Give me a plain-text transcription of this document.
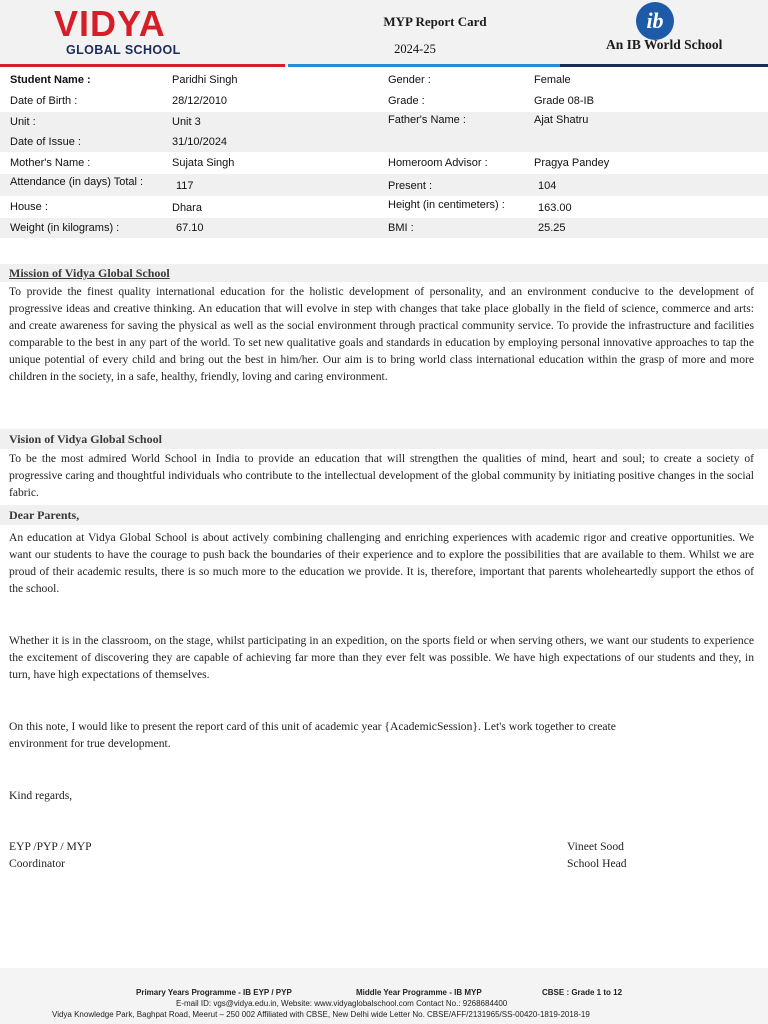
VIDYA
GLOBAL SCHOOL
MYP Report Card
2024-25
ib
An IB World School
Student Name :	Paridhi Singh	Gender :	Female
Date of Birth :	28/12/2010	Grade :	Grade 08-IB
Unit :	Unit 3	Father's Name :	Ajat Shatru
Date of Issue :	31/10/2024
Mother's Name :	Sujata Singh	Homeroom Advisor :	Pragya Pandey
Attendance (in days) Total :	117	Present :	104
House :	Dhara	Height (in centimeters) :	163.00
Weight (in kilograms) :	67.10	BMI :	25.25
Mission of Vidya Global School
To provide the finest quality international education for the holistic development of personality, and an environment conducive to the development of progressive ideas and creative thinking. An education that will evolve in step with changes that take place globally in the field of science, commerce and arts: and create awareness for saving the physical as well as the social environment through practical community service. To provide the infrastructure and facilities comparable to the best in any part of the world. To set new qualitative goals and standards in education by employing personal innovative approaches to tap the unique potential of every child and bring out the best in him/her. Our aim is to bring world class international education within the grasp of more and more children in the society, in a safe, healthy, friendly, loving and caring environment.
Vision of Vidya Global School
To be the most admired World School in India to provide an education that will strengthen the qualities of mind, heart and soul; to create a society of progressive caring and thoughtful individuals who contribute to the intellectual development of the global community by initiating positive changes in the social fabric.
Dear Parents,
An education at Vidya Global School is about actively combining challenging and enriching experiences with academic rigor and creative opportunities. We want our students to have the courage to push back the boundaries of their experience and to explore the possibilities that are available to them. Whilst we are proud of their academic results, there is so much more to the education we provide. It is, therefore, important that parents wholeheartedly support the ethos of the school.
Whether it is in the classroom, on the stage, whilst participating in an expedition, on the sports field or when serving others, we want our students to experience the excitement of discovering they are capable of achieving far more than they ever felt was possible. We have high expectations of our students and they, in turn, have high expectations of themselves.
On this note, I would like to present the report card of this unit of academic year {AcademicSession}. Let's work together to create
environment for true development.
Kind regards,
EYP /PYP / MYP
Coordinator
Vineet Sood
School Head
Primary Years Programme - IB EYP / PYP	Middle Year Programme - IB MYP	CBSE : Grade 1 to 12
E-mail ID: vgs@vidya.edu.in, Website: www.vidyaglobalschool.com Contact No.: 9268684400
Vidya Knowledge Park, Baghpat Road, Meerut – 250 002 Affiliated with CBSE, New Delhi wide Letter No. CBSE/AFF/2131965/SS-00420-1819-2018-19
